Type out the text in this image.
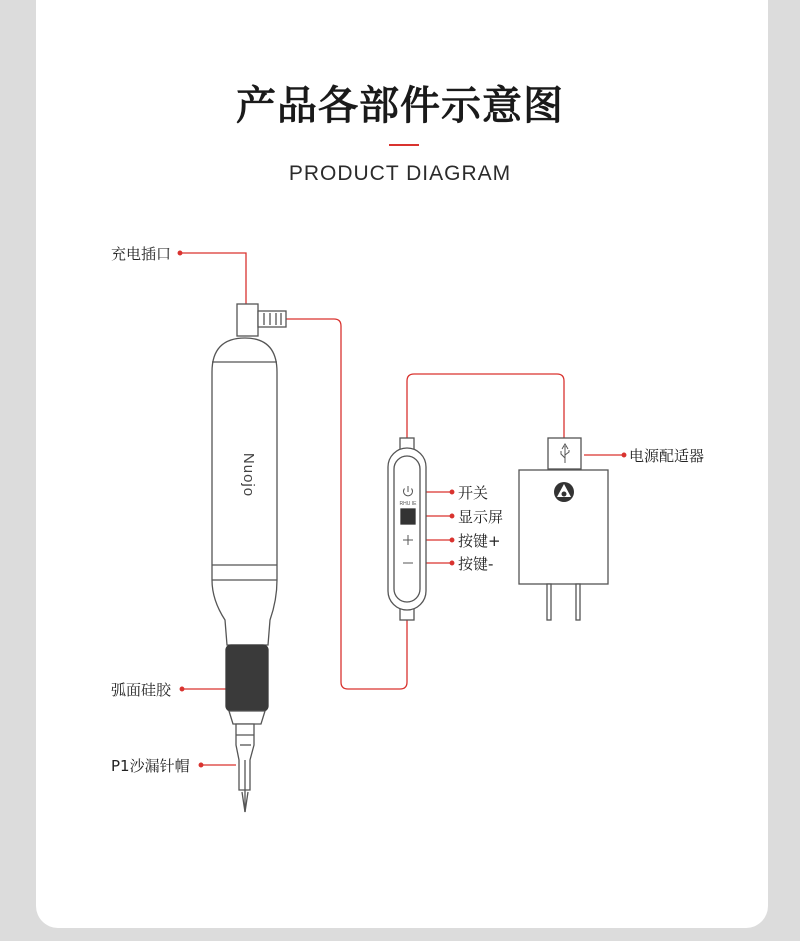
产品各部件示意图
PRODUCT DIAGRAM
Nuojo
RHU IE
充电插口
电源配适器
开关
显示屏
按键+
按键-
弧面硅胶
P1沙漏针帽
